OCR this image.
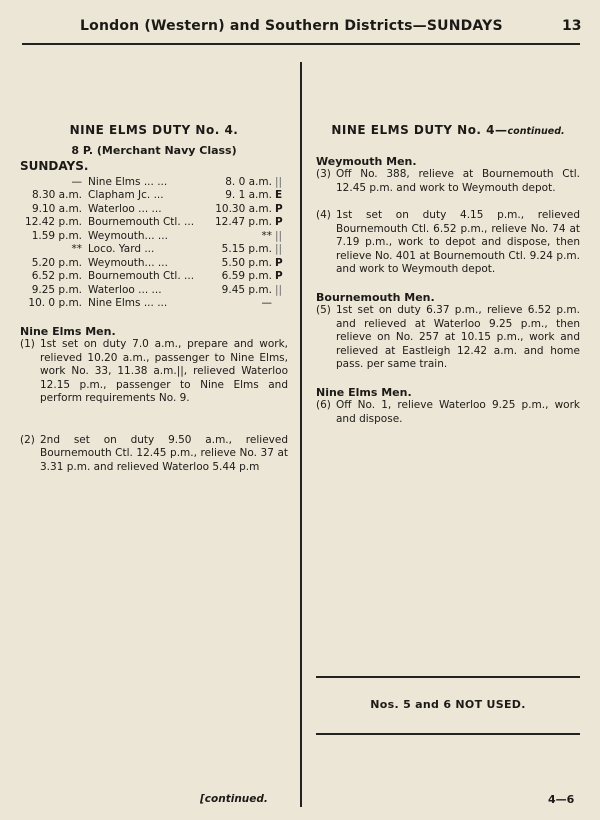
London (Western) and Southern Districts—SUNDAYS	13
NINE ELMS DUTY No. 4.
8 P. (Merchant Navy Class)
SUNDAYS.
—	Nine Elms ... ...	8. 0 a.m.	||
8.30 a.m.	Clapham Jc. ...	9. 1 a.m.	E
9.10 a.m.	Waterloo ... ...	10.30 a.m.	P
12.42 p.m.	Bournemouth Ctl. ...	12.47 p.m.	P
1.59 p.m.	Weymouth... ...	**	||
**	Loco. Yard ...	5.15 p.m.	||
5.20 p.m.	Weymouth... ...	5.50 p.m.	P
6.52 p.m.	Bournemouth Ctl. ...	6.59 p.m.	P
9.25 p.m.	Waterloo ... ...	9.45 p.m.	||
10. 0 p.m.	Nine Elms ... ...	—	
Nine Elms Men.
(1) 1st set on duty 7.0 a.m., prepare and work, relieved 10.20 a.m., passenger to Nine Elms, work No. 33, 11.38 a.m.||, relieved Waterloo 12.15 p.m., passenger to Nine Elms and perform requirements No. 9.
(2) 2nd set on duty 9.50 a.m., relieved Bournemouth Ctl. 12.45 p.m., relieve No. 37 at 3.31 p.m. and relieved Waterloo 5.44 p.m
NINE ELMS DUTY No. 4—continued.
Weymouth Men.
(3) Off No. 388, relieve at Bournemouth Ctl. 12.45 p.m. and work to Weymouth depot.
(4) 1st set on duty 4.15 p.m., relieved Bournemouth Ctl. 6.52 p.m., relieve No. 74 at 7.19 p.m., work to depot and dispose, then relieve No. 401 at Bournemouth Ctl. 9.24 p.m. and work to Weymouth depot.
Bournemouth Men.
(5) 1st set on duty 6.37 p.m., relieve 6.52 p.m. and relieved at Waterloo 9.25 p.m., then relieve on No. 257 at 10.15 p.m., work and relieved at Eastleigh 12.42 a.m. and home pass. per same train.
Nine Elms Men.
(6) Off No. 1, relieve Waterloo 9.25 p.m., work and dispose.
Nos. 5 and 6 NOT USED.
[continued.	4—6
